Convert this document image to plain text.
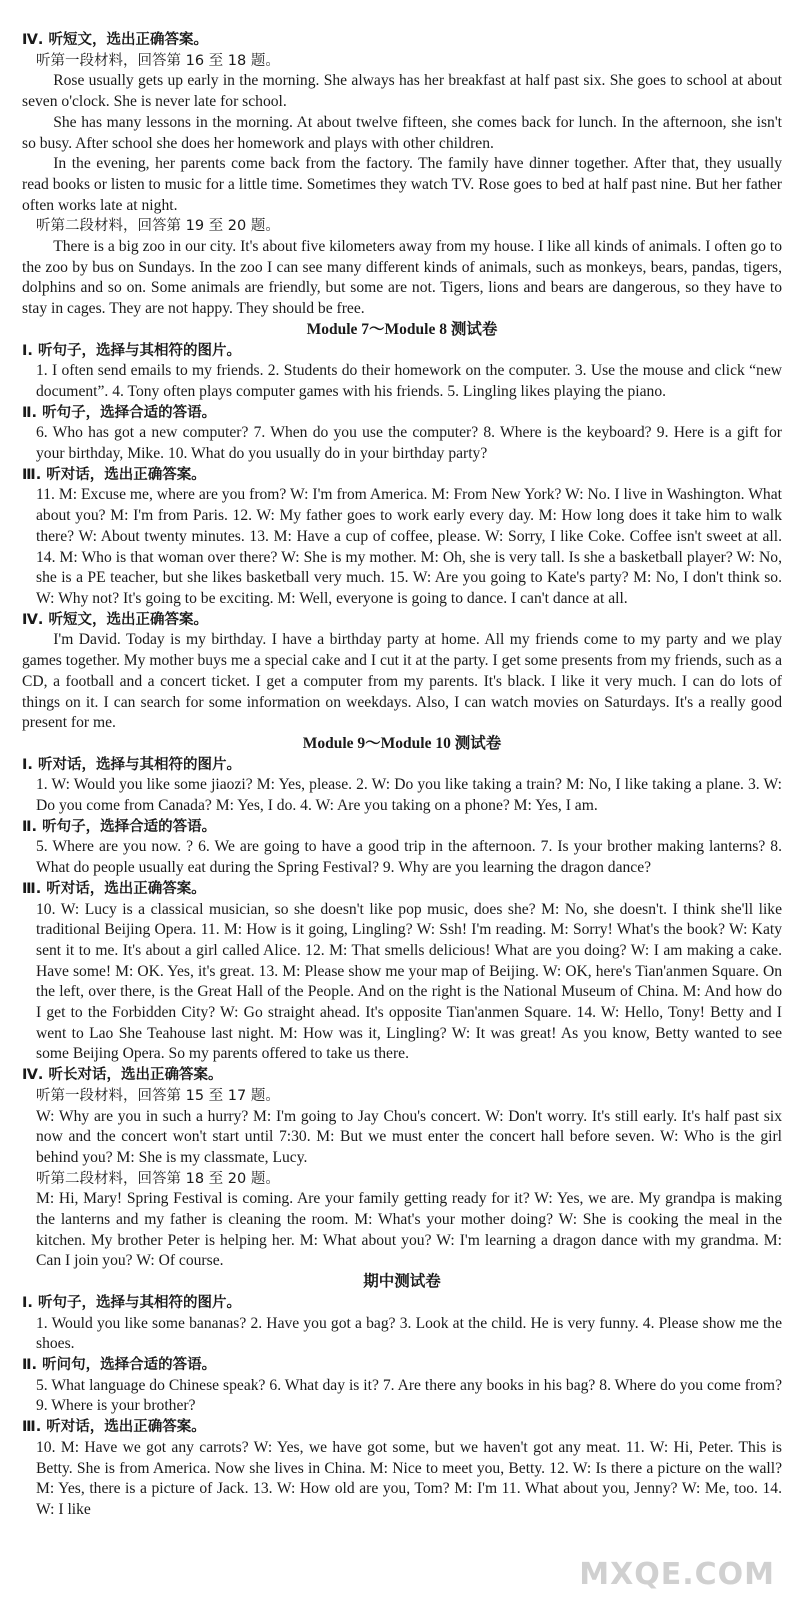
Ⅳ. 听短文，选出正确答案。
听第一段材料，回答第 16 至 18 题。
Rose usually gets up early in the morning. She always has her breakfast at half past six. She goes to school at about seven o'clock. She is never late for school.
She has many lessons in the morning. At about twelve fifteen, she comes back for lunch. In the afternoon, she isn't so busy. After school she does her homework and plays with other children.
In the evening, her parents come back from the factory. The family have dinner together. After that, they usually read books or listen to music for a little time. Sometimes they watch TV. Rose goes to bed at half past nine. But her father often works late at night.
听第二段材料，回答第 19 至 20 题。
There is a big zoo in our city. It's about five kilometers away from my house. I like all kinds of animals. I often go to the zoo by bus on Sundays. In the zoo I can see many different kinds of animals, such as monkeys, bears, pandas, tigers, dolphins and so on. Some animals are friendly, but some are not. Tigers, lions and bears are dangerous, so they have to stay in cages. They are not happy. They should be free.
Module 7～Module 8 测试卷
Ⅰ. 听句子，选择与其相符的图片。
1. I often send emails to my friends. 2. Students do their homework on the computer. 3. Use the mouse and click “new document”. 4. Tony often plays computer games with his friends. 5. Lingling likes playing the piano.
Ⅱ. 听句子，选择合适的答语。
6. Who has got a new computer? 7. When do you use the computer? 8. Where is the keyboard? 9. Here is a gift for your birthday, Mike. 10. What do you usually do in your birthday party?
Ⅲ. 听对话，选出正确答案。
11. M: Excuse me, where are you from? W: I'm from America. M: From New York? W: No. I live in Washington. What about you? M: I'm from Paris. 12. W: My father goes to work early every day. M: How long does it take him to walk there? W: About twenty minutes. 13. M: Have a cup of coffee, please. W: Sorry, I like Coke. Coffee isn't sweet at all. 14. M: Who is that woman over there? W: She is my mother. M: Oh, she is very tall. Is she a basketball player? W: No, she is a PE teacher, but she likes basketball very much. 15. W: Are you going to Kate's party? M: No, I don't think so. W: Why not? It's going to be exciting. M: Well, everyone is going to dance. I can't dance at all.
Ⅳ. 听短文，选出正确答案。
I'm David. Today is my birthday. I have a birthday party at home. All my friends come to my party and we play games together. My mother buys me a special cake and I cut it at the party. I get some presents from my friends, such as a CD, a football and a concert ticket. I get a computer from my parents. It's black. I like it very much. I can do lots of things on it. I can search for some information on weekdays. Also, I can watch movies on Saturdays. It's a really good present for me.
Module 9～Module 10 测试卷
Ⅰ. 听对话，选择与其相符的图片。
1. W: Would you like some jiaozi? M: Yes, please. 2. W: Do you like taking a train? M: No, I like taking a plane. 3. W: Do you come from Canada? M: Yes, I do. 4. W: Are you taking on a phone? M: Yes, I am.
Ⅱ. 听句子，选择合适的答语。
5. Where are you now. ? 6. We are going to have a good trip in the afternoon. 7. Is your brother making lanterns? 8. What do people usually eat during the Spring Festival? 9. Why are you learning the dragon dance?
Ⅲ. 听对话，选出正确答案。
10. W: Lucy is a classical musician, so she doesn't like pop music, does she? M: No, she doesn't. I think she'll like traditional Beijing Opera. 11. M: How is it going, Lingling? W: Ssh! I'm reading. M: Sorry! What's the book? W: Katy sent it to me. It's about a girl called Alice. 12. M: That smells delicious! What are you doing? W: I am making a cake. Have some! M: OK. Yes, it's great. 13. M: Please show me your map of Beijing. W: OK, here's Tian'anmen Square. On the left, over there, is the Great Hall of the People. And on the right is the National Museum of China. M: And how do I get to the Forbidden City? W: Go straight ahead. It's opposite Tian'anmen Square. 14. W: Hello, Tony! Betty and I went to Lao She Teahouse last night. M: How was it, Lingling? W: It was great! As you know, Betty wanted to see some Beijing Opera. So my parents offered to take us there.
Ⅳ. 听长对话，选出正确答案。
听第一段材料，回答第 15 至 17 题。
W: Why are you in such a hurry? M: I'm going to Jay Chou's concert. W: Don't worry. It's still early. It's half past six now and the concert won't start until 7:30. M: But we must enter the concert hall before seven. W: Who is the girl behind you? M: She is my classmate, Lucy.
听第二段材料，回答第 18 至 20 题。
M: Hi, Mary! Spring Festival is coming. Are your family getting ready for it? W: Yes, we are. My grandpa is making the lanterns and my father is cleaning the room. M: What's your mother doing? W: She is cooking the meal in the kitchen. My brother Peter is helping her. M: What about you? W: I'm learning a dragon dance with my grandma. M: Can I join you? W: Of course.
期中测试卷
Ⅰ. 听句子，选择与其相符的图片。
1. Would you like some bananas? 2. Have you got a bag? 3. Look at the child. He is very funny. 4. Please show me the shoes.
Ⅱ. 听问句，选择合适的答语。
5. What language do Chinese speak? 6. What day is it? 7. Are there any books in his bag? 8. Where do you come from? 9. Where is your brother?
Ⅲ. 听对话，选出正确答案。
10. M: Have we got any carrots? W: Yes, we have got some, but we haven't got any meat. 11. W: Hi, Peter. This is Betty. She is from America. Now she lives in China. M: Nice to meet you, Betty. 12. W: Is there a picture on the wall? M: Yes, there is a picture of Jack. 13. W: How old are you, Tom? M: I'm 11. What about you, Jenny? W: Me, too. 14. W: I like
MXQE.COM
